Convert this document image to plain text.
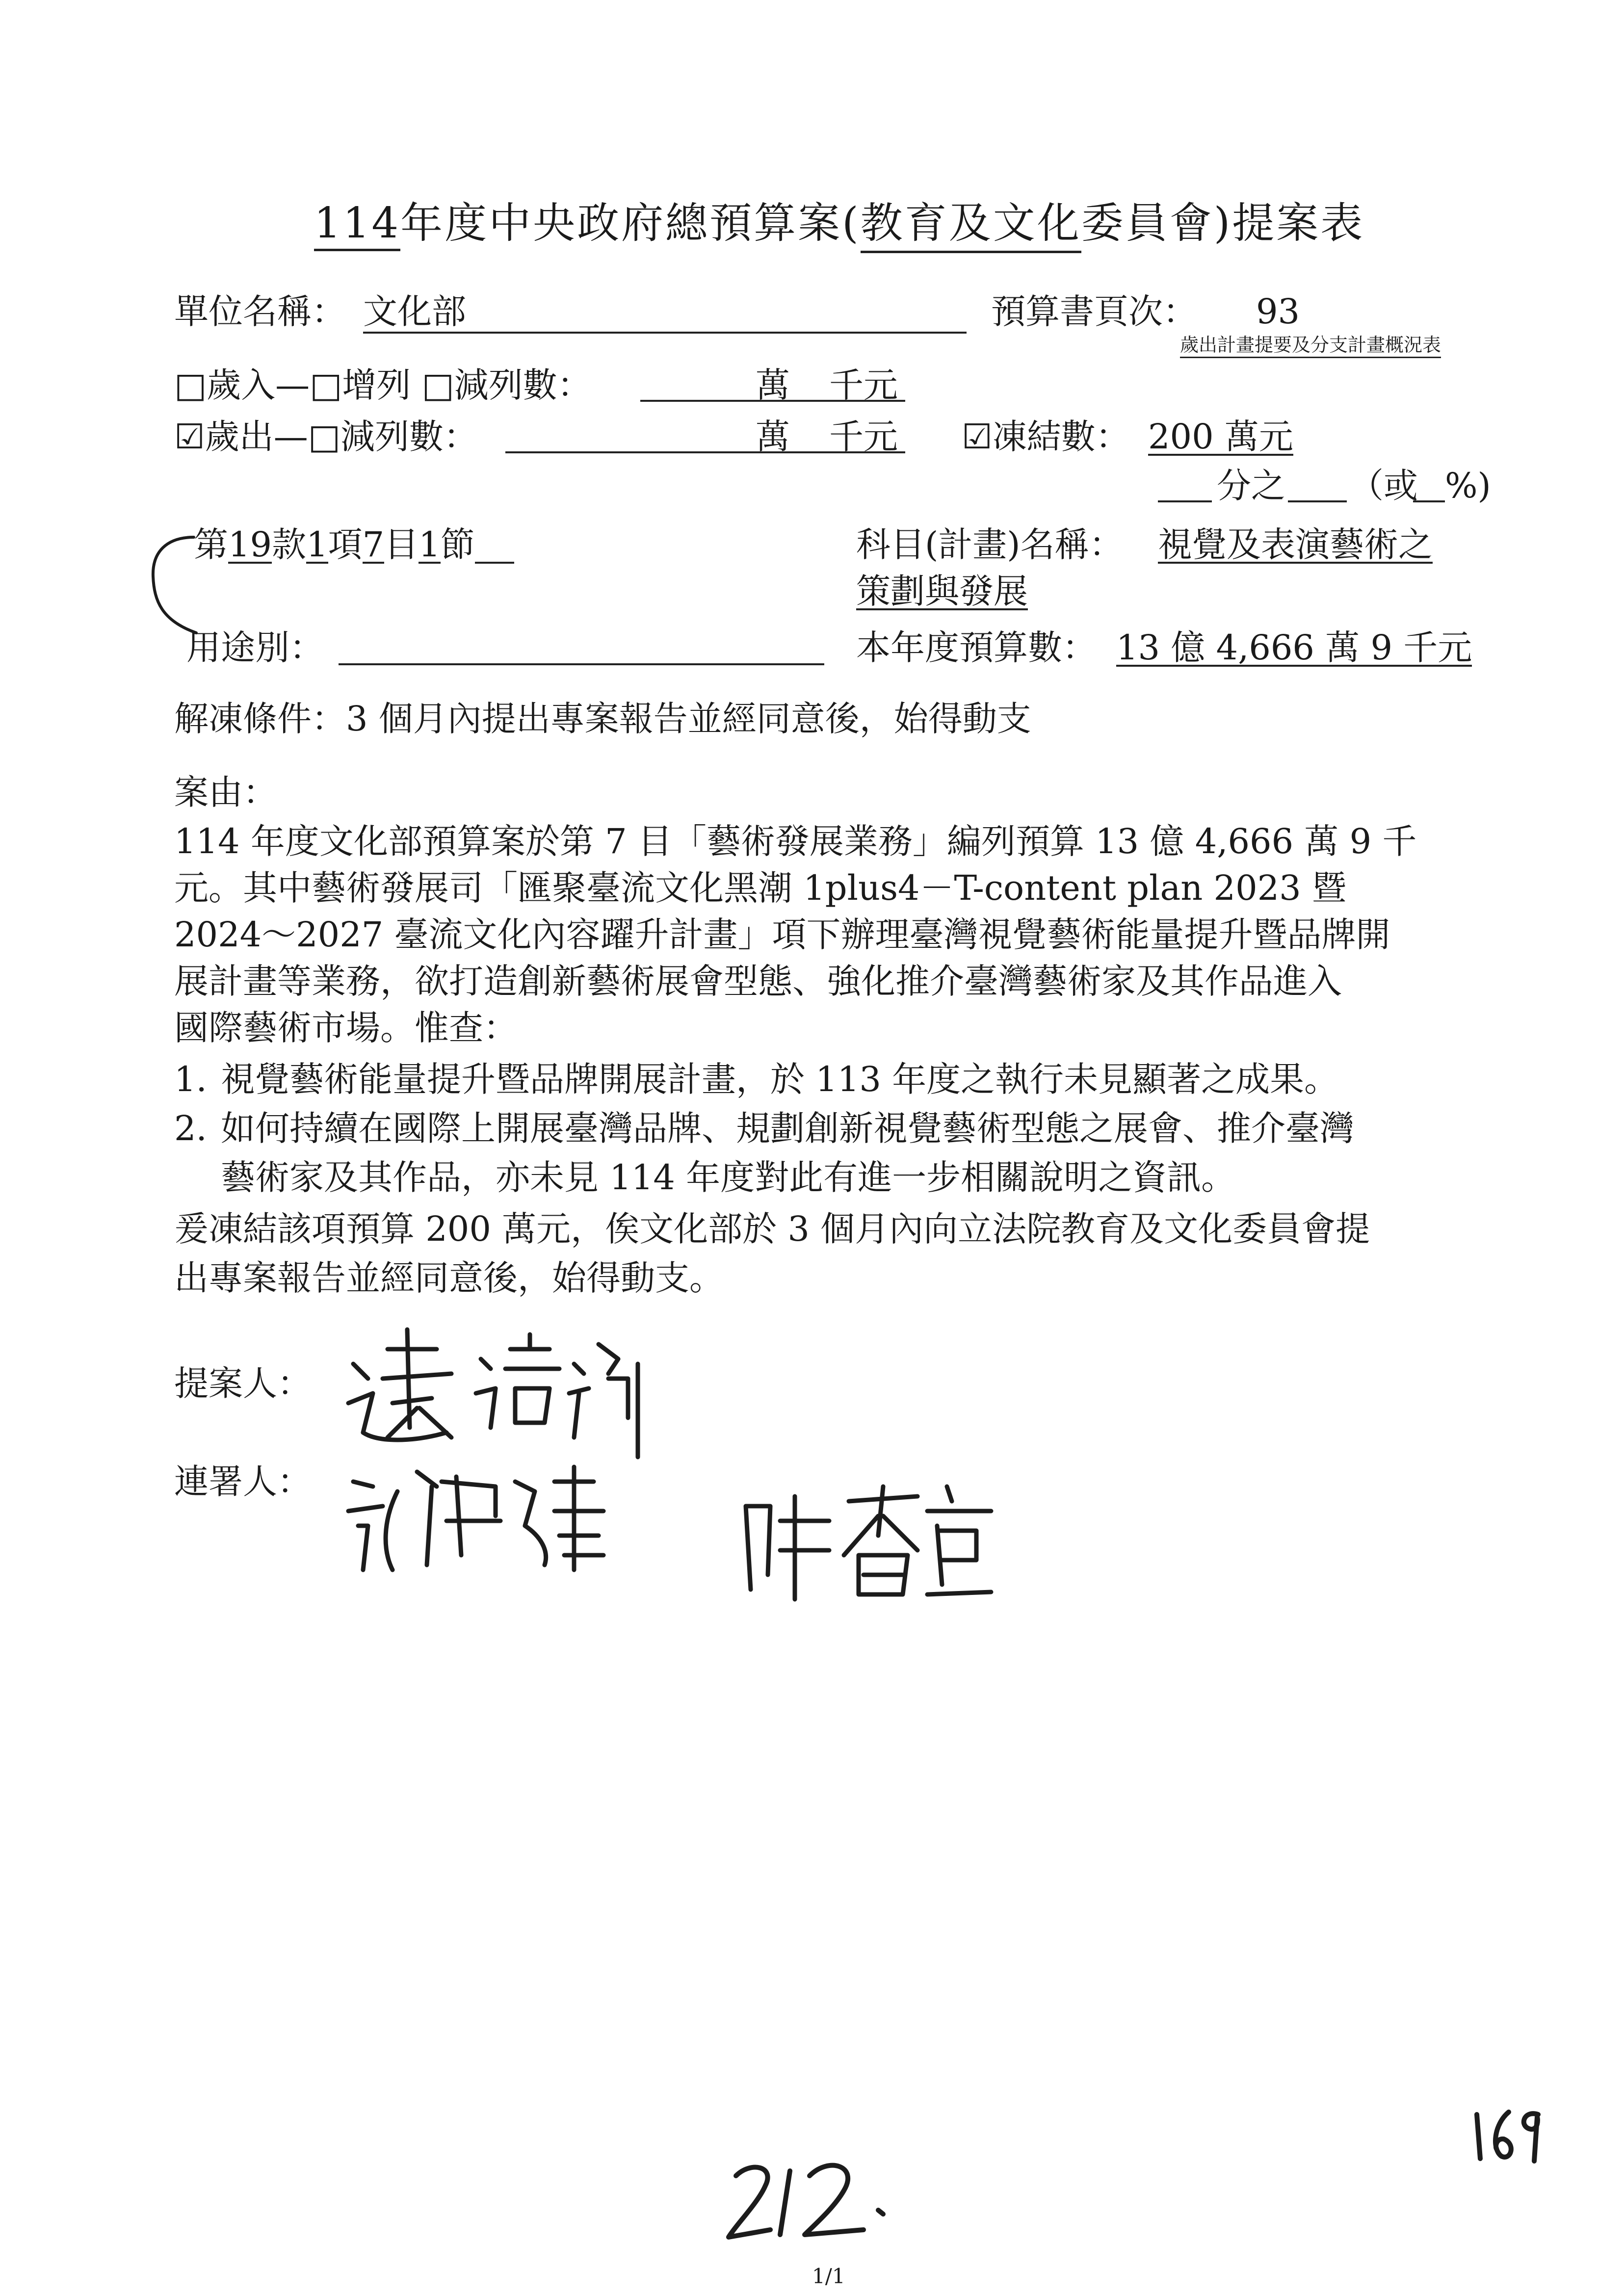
114年度中央政府總預算案(教育及文化委員會)提案表
單位名稱： 文化部	預算書頁次： 93
歲出計畫提要及分支計畫概況表
□歲入—□增列 □減列數：	萬 千元
☑歲出—□減列數：	萬 千元 ☑凍結數： 200 萬元
分之 （或 %)
第19款1項7目1節	科目(計畫)名稱： 視覺及表演藝術之
策劃與發展
用途別：	本年度預算數： 13 億 4,666 萬 9 千元
解凍條件：3 個月內提出專案報告並經同意後，始得動支
案由：
114 年度文化部預算案於第 7 目「藝術發展業務」編列預算 13 億 4,666 萬 9 千
元。其中藝術發展司「匯聚臺流文化黑潮 1plus4－T-content plan 2023 暨
2024～2027 臺流文化內容躍升計畫」項下辦理臺灣視覺藝術能量提升暨品牌開
展計畫等業務，欲打造創新藝術展會型態、強化推介臺灣藝術家及其作品進入
國際藝術市場。惟查：
1. 視覺藝術能量提升暨品牌開展計畫，於 113 年度之執行未見顯著之成果。
2. 如何持續在國際上開展臺灣品牌、規劃創新視覺藝術型態之展會、推介臺灣
藝術家及其作品，亦未見 114 年度對此有進一步相關說明之資訊。
爰凍結該項預算 200 萬元，俟文化部於 3 個月內向立法院教育及文化委員會提
出專案報告並經同意後，始得動支。
提案人：
連署人：
1/1
